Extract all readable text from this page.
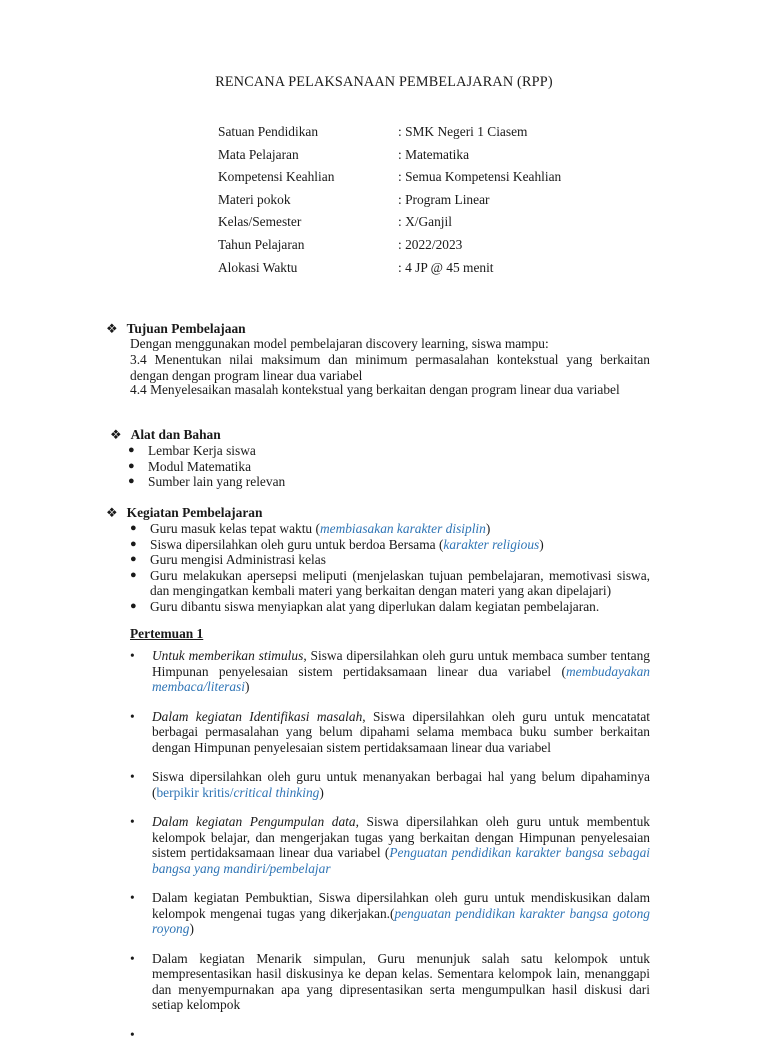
RENCANA PELAKSANAAN PEMBELAJARAN (RPP)
Satuan Pendidikan	: SMK Negeri 1 Ciasem
Mata Pelajaran	: Matematika
Kompetensi Keahlian	: Semua Kompetensi Keahlian
Materi pokok	: Program Linear
Kelas/Semester	: X/Ganjil
Tahun Pelajaran	: 2022/2023
Alokasi Waktu	: 4 JP @ 45 menit
❖ Tujuan Pembelajaan
Dengan menggunakan model pembelajaran discovery learning, siswa mampu:
3.4 Menentukan nilai maksimum dan minimum permasalahan kontekstual yang berkaitan dengan dengan program linear dua variabel
4.4 Menyelesaikan masalah kontekstual yang berkaitan dengan program linear dua variabel
❖ Alat dan Bahan
● Lembar Kerja siswa
● Modul Matematika
● Sumber lain yang relevan
❖ Kegiatan Pembelajaran
● Guru masuk kelas tepat waktu (membiasakan karakter disiplin)
● Siswa dipersilahkan oleh guru untuk berdoa Bersama (karakter religious)
● Guru mengisi Administrasi kelas
● Guru melakukan apersepsi meliputi (menjelaskan tujuan pembelajaran, memotivasi siswa, dan mengingatkan kembali materi yang berkaitan dengan materi yang akan dipelajari)
● Guru dibantu siswa menyiapkan alat yang diperlukan dalam kegiatan pembelajaran.
Pertemuan 1
• Untuk memberikan stimulus, Siswa dipersilahkan oleh guru untuk membaca sumber tentang Himpunan penyelesaian sistem pertidaksamaan linear dua variabel (membudayakan membaca/literasi)
• Dalam kegiatan Identifikasi masalah, Siswa dipersilahkan oleh guru untuk mencatatat berbagai permasalahan yang belum dipahami selama membaca buku sumber berkaitan dengan Himpunan penyelesaian sistem pertidaksamaan linear dua variabel
• Siswa dipersilahkan oleh guru untuk menanyakan berbagai hal yang belum dipahaminya (berpikir kritis/critical thinking)
• Dalam kegiatan Pengumpulan data, Siswa dipersilahkan oleh guru untuk membentuk kelompok belajar, dan mengerjakan tugas yang berkaitan dengan Himpunan penyelesaian sistem pertidaksamaan linear dua variabel (Penguatan pendidikan karakter bangsa sebagai bangsa yang mandiri/pembelajar
• Dalam kegiatan Pembuktian, Siswa dipersilahkan oleh guru untuk mendiskusikan dalam kelompok mengenai tugas yang dikerjakan.(penguatan pendidikan karakter bangsa gotong royong)
• Dalam kegiatan Menarik simpulan, Guru menunjuk salah satu kelompok untuk mempresentasikan hasil diskusinya ke depan kelas. Sementara kelompok lain, menanggapi dan menyempurnakan apa yang dipresentasikan serta mengumpulkan hasil diskusi dari setiap kelompok
•
